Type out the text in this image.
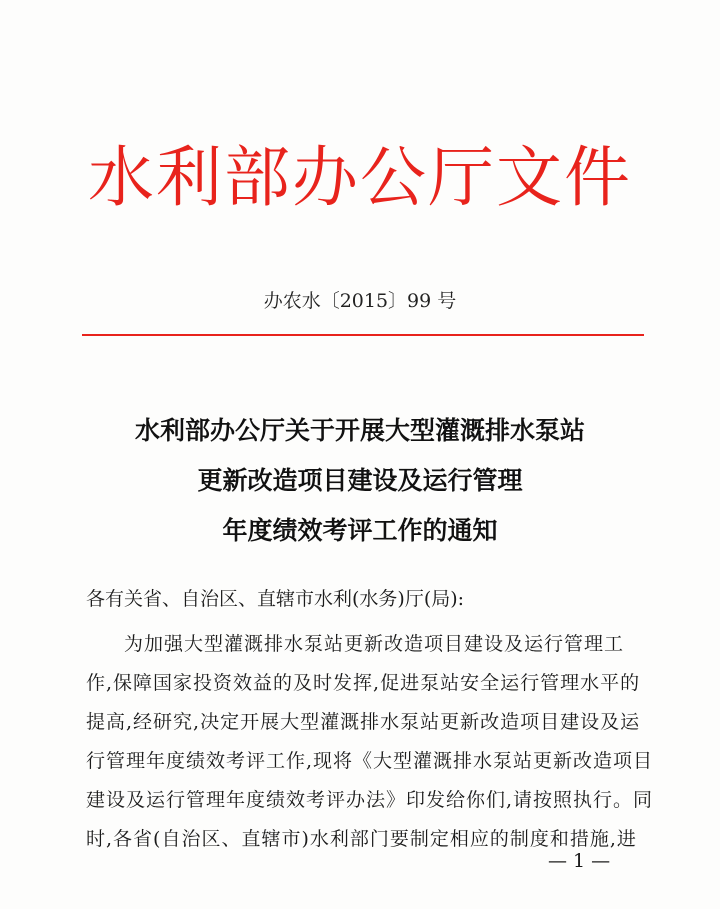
水利部办公厅文件
办农水〔2015〕99 号
水利部办公厅关于开展大型灌溉排水泵站
更新改造项目建设及运行管理
年度绩效考评工作的通知
各有关省、自治区、直辖市水利(水务)厅(局):
为加强大型灌溉排水泵站更新改造项目建设及运行管理工
作,保障国家投资效益的及时发挥,促进泵站安全运行管理水平的
提高,经研究,决定开展大型灌溉排水泵站更新改造项目建设及运
行管理年度绩效考评工作,现将《大型灌溉排水泵站更新改造项目
建设及运行管理年度绩效考评办法》印发给你们,请按照执行。同
时,各省(自治区、直辖市)水利部门要制定相应的制度和措施,进
— 1 —
